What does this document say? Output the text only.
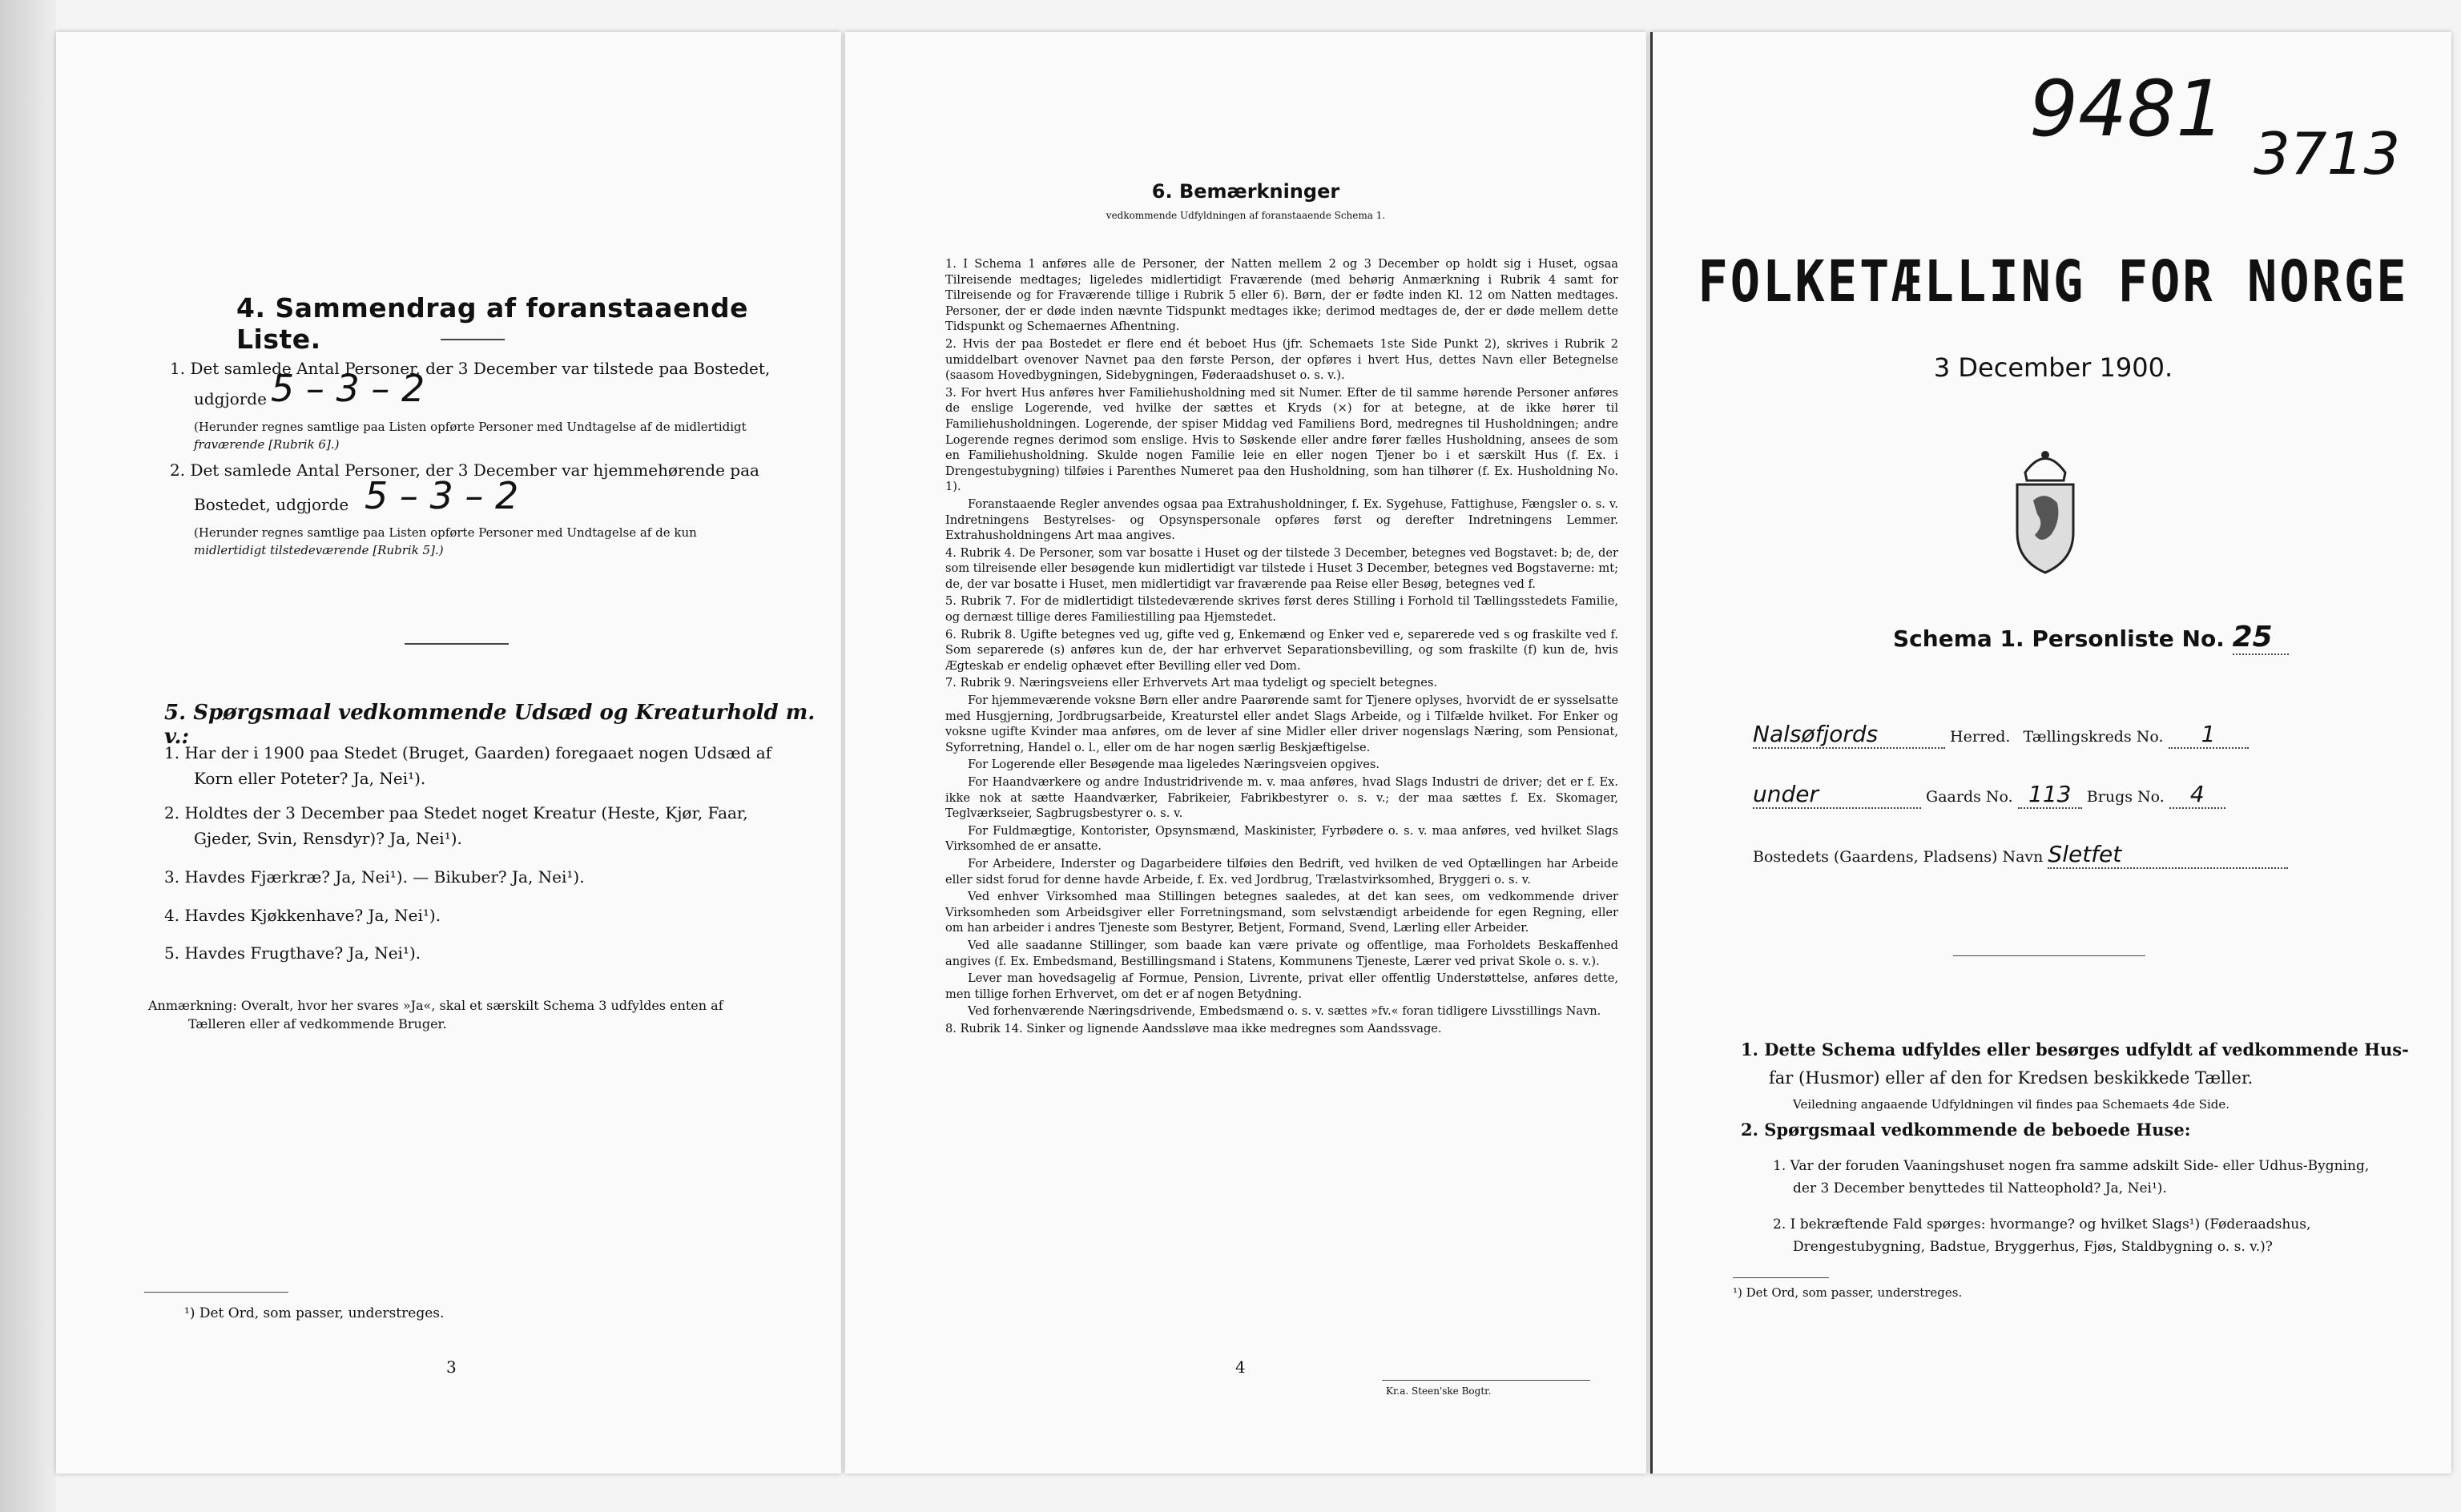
4. Sammendrag af foranstaaende Liste.
1. Det samlede Antal Personer, der 3 December var tilstede paa Bostedet,
udgjorde 5 – 3 – 2
(Herunder regnes samtlige paa Listen opførte Personer med Undtagelse af de midlertidigt
fraværende [Rubrik 6].)
2. Det samlede Antal Personer, der 3 December var hjemmehørende paa
Bostedet, udgjorde 5 – 3 – 2
(Herunder regnes samtlige paa Listen opførte Personer med Undtagelse af de kun
midlertidigt tilstedeværende [Rubrik 5].)
5. Spørgsmaal vedkommende Udsæd og Kreaturhold m. v.:
1. Har der i 1900 paa Stedet (Bruget, Gaarden) foregaaet nogen Udsæd af
Korn eller Poteter? Ja, Nei¹).
2. Holdtes der 3 December paa Stedet noget Kreatur (Heste, Kjør, Faar,
Gjeder, Svin, Rensdyr)? Ja, Nei¹).
3. Havdes Fjærkræ? Ja, Nei¹). — Bikuber? Ja, Nei¹).
4. Havdes Kjøkkenhave? Ja, Nei¹).
5. Havdes Frugthave? Ja, Nei¹).
Anmærkning: Overalt, hvor her svares »Ja«, skal et særskilt Schema 3 udfyldes enten af
Tælleren eller af vedkommende Bruger.
¹) Det Ord, som passer, understreges.
3
6. Bemærkninger
vedkommende Udfyldningen af foranstaaende Schema 1.

1. I Schema 1 anføres alle de Personer, der Natten mellem 2 og 3 December op holdt sig i Huset, ogsaa Tilreisende medtages; ligeledes midlertidigt Fraværende (med behørig Anmærkning i Rubrik 4 samt for Tilreisende og for Fraværende tillige i Rubrik 5 eller 6). Børn, der er fødte inden Kl. 12 om Natten medtages. Personer, der er døde inden nævnte Tidspunkt medtages ikke; derimod medtages de, der er døde mellem dette Tidspunkt og Schemaernes Afhentning.

2. Hvis der paa Bostedet er flere end ét beboet Hus (jfr. Schemaets 1ste Side Punkt 2), skrives i Rubrik 2 umiddelbart ovenover Navnet paa den første Person, der opføres i hvert Hus, dettes Navn eller Betegnelse (saasom Hovedbygningen, Sidebygningen, Føderaadshuset o. s. v.).

3. For hvert Hus anføres hver Familiehusholdning med sit Numer. Efter de til samme hørende Personer anføres de enslige Logerende, ved hvilke der sættes et Kryds (×) for at betegne, at de ikke hører til Familiehusholdningen. Logerende, der spiser Middag ved Familiens Bord, medregnes til Husholdningen; andre Logerende regnes derimod som enslige. Hvis to Søskende eller andre fører fælles Husholdning, ansees de som en Familiehusholdning. Skulde nogen Familie leie en eller nogen Tjener bo i et særskilt Hus (f. Ex. i Drengestubygning) tilføies i Parenthes Numeret paa den Husholdning, som han tilhører (f. Ex. Husholdning No. 1).

Foranstaaende Regler anvendes ogsaa paa Extrahusholdninger, f. Ex. Sygehuse, Fattighuse, Fængsler o. s. v. Indretningens Bestyrelses- og Opsynspersonale opføres først og derefter Indretningens Lemmer. Extrahusholdningens Art maa angives.

4. Rubrik 4. De Personer, som var bosatte i Huset og der tilstede 3 December, betegnes ved Bogstavet: b; de, der som tilreisende eller besøgende kun midlertidigt var tilstede i Huset 3 December, betegnes ved Bogstaverne: mt; de, der var bosatte i Huset, men midlertidigt var fraværende paa Reise eller Besøg, betegnes ved f.

5. Rubrik 7. For de midlertidigt tilstedeværende skrives først deres Stilling i Forhold til Tællingsstedets Familie, og dernæst tillige deres Familiestilling paa Hjemstedet.

6. Rubrik 8. Ugifte betegnes ved ug, gifte ved g, Enkemænd og Enker ved e, separerede ved s og fraskilte ved f. Som separerede (s) anføres kun de, der har erhvervet Separationsbevilling, og som fraskilte (f) kun de, hvis Ægteskab er endelig ophævet efter Bevilling eller ved Dom.

7. Rubrik 9. Næringsveiens eller Erhvervets Art maa tydeligt og specielt betegnes.

For hjemmeværende voksne Børn eller andre Paarørende samt for Tjenere oplyses, hvorvidt de er sysselsatte med Husgjerning, Jordbrugsarbeide, Kreaturstel eller andet Slags Arbeide, og i Tilfælde hvilket. For Enker og voksne ugifte Kvinder maa anføres, om de lever af sine Midler eller driver nogenslags Næring, som Pensionat, Syforretning, Handel o. l., eller om de har nogen særlig Beskjæftigelse.

For Logerende eller Besøgende maa ligeledes Næringsveien opgives.

For Haandværkere og andre Industridrivende m. v. maa anføres, hvad Slags Industri de driver; det er f. Ex. ikke nok at sætte Haandværker, Fabrikeier, Fabrikbestyrer o. s. v.; der maa sættes f. Ex. Skomager, Teglværkseier, Sagbrugsbestyrer o. s. v.

For Fuldmægtige, Kontorister, Opsynsmænd, Maskinister, Fyrbødere o. s. v. maa anføres, ved hvilket Slags Virksomhed de er ansatte.

For Arbeidere, Inderster og Dagarbeidere tilføies den Bedrift, ved hvilken de ved Optællingen har Arbeide eller sidst forud for denne havde Arbeide, f. Ex. ved Jordbrug, Trælastvirksomhed, Bryggeri o. s. v.

Ved enhver Virksomhed maa Stillingen betegnes saaledes, at det kan sees, om vedkommende driver Virksomheden som Arbeidsgiver eller Forretningsmand, som selvstændigt arbeidende for egen Regning, eller om han arbeider i andres Tjeneste som Bestyrer, Betjent, Formand, Svend, Lærling eller Arbeider.

Ved alle saadanne Stillinger, som baade kan være private og offentlige, maa Forholdets Beskaffenhed angives (f. Ex. Embedsmand, Bestillingsmand i Statens, Kommunens Tjeneste, Lærer ved privat Skole o. s. v.).

Lever man hovedsagelig af Formue, Pension, Livrente, privat eller offentlig Understøttelse, anføres dette, men tillige forhen Erhvervet, om det er af nogen Betydning.

Ved forhenværende Næringsdrivende, Embedsmænd o. s. v. sættes »fv.« foran tidligere Livsstillings Navn.

8. Rubrik 14. Sinker og lignende Aandssløve maa ikke medregnes som Aandssvage.

4
Kr.a. Steen'ske Bogtr.
9481 3713
FOLKETÆLLING FOR NORGE
3 December 1900.
Schema 1. Personliste No. 25
Nalsøfjords	Herred. Tællingskreds No. 1
under	Gaards No. 113 Brugs No. 4
Bostedets (Gaardens, Pladsens) Navn Sletfet
1. Dette Schema udfyldes eller besørges udfyldt af vedkommende Hus-
far (Husmor) eller af den for Kredsen beskikkede Tæller.
Veiledning angaaende Udfyldningen vil findes paa Schemaets 4de Side.
2. Spørgsmaal vedkommende de beboede Huse:
1. Var der foruden Vaaningshuset nogen fra samme adskilt Side- eller Udhus-Bygning,
der 3 December benyttedes til Natteophold? Ja, Nei¹).
2. I bekræftende Fald spørges: hvormange? og hvilket Slags¹) (Føderaadshus,
Drengestubygning, Badstue, Bryggerhus, Fjøs, Staldbygning o. s. v.)?
¹) Det Ord, som passer, understreges.
